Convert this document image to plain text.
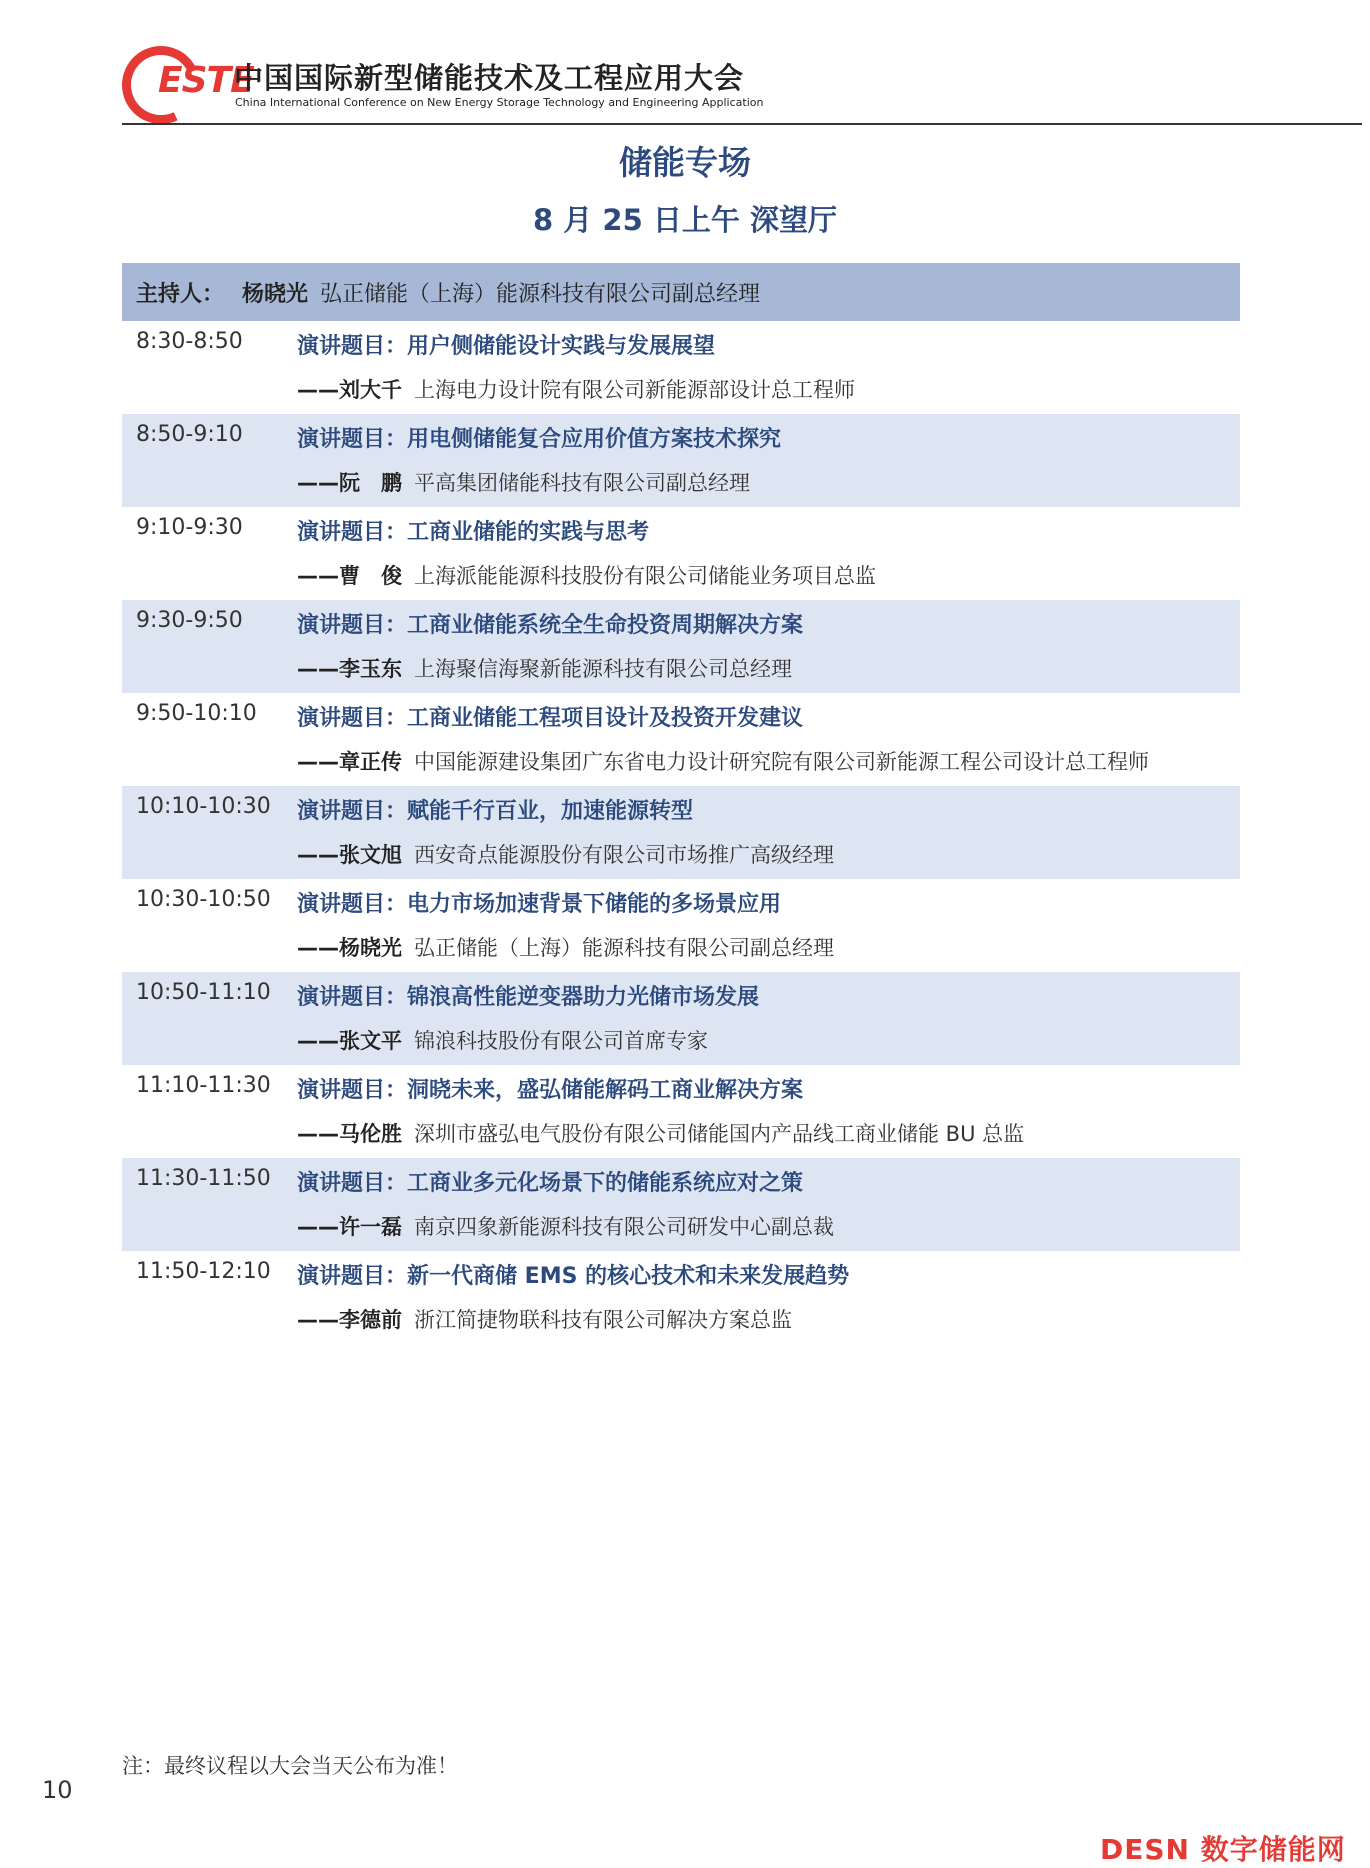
ESTE
中国国际新型储能技术及工程应用大会
China International Conference on New Energy Storage Technology and Engineering Application
储能专场
8 月 25 日上午 深望厅
主持人： 杨晓光 弘正储能（上海）能源科技有限公司副总经理
8:30-8:50 演讲题目：用户侧储能设计实践与发展展望
——刘大千 上海电力设计院有限公司新能源部设计总工程师
8:50-9:10 演讲题目：用电侧储能复合应用价值方案技术探究
——阮　鹏 平高集团储能科技有限公司副总经理
9:10-9:30 演讲题目：工商业储能的实践与思考
——曹　俊 上海派能能源科技股份有限公司储能业务项目总监
9:30-9:50 演讲题目：工商业储能系统全生命投资周期解决方案
——李玉东 上海聚信海聚新能源科技有限公司总经理
9:50-10:10 演讲题目：工商业储能工程项目设计及投资开发建议
——章正传 中国能源建设集团广东省电力设计研究院有限公司新能源工程公司设计总工程师
10:10-10:30 演讲题目：赋能千行百业，加速能源转型
——张文旭 西安奇点能源股份有限公司市场推广高级经理
10:30-10:50 演讲题目：电力市场加速背景下储能的多场景应用
——杨晓光 弘正储能（上海）能源科技有限公司副总经理
10:50-11:10 演讲题目：锦浪高性能逆变器助力光储市场发展
——张文平 锦浪科技股份有限公司首席专家
11:10-11:30 演讲题目：洞晓未来，盛弘储能解码工商业解决方案
——马伦胜 深圳市盛弘电气股份有限公司储能国内产品线工商业储能 BU 总监
11:30-11:50 演讲题目：工商业多元化场景下的储能系统应对之策
——许一磊 南京四象新能源科技有限公司研发中心副总裁
11:50-12:10 演讲题目：新一代商储 EMS 的核心技术和未来发展趋势
——李德前 浙江简捷物联科技有限公司解决方案总监
注：最终议程以大会当天公布为准！
10
DESN 数字储能网
